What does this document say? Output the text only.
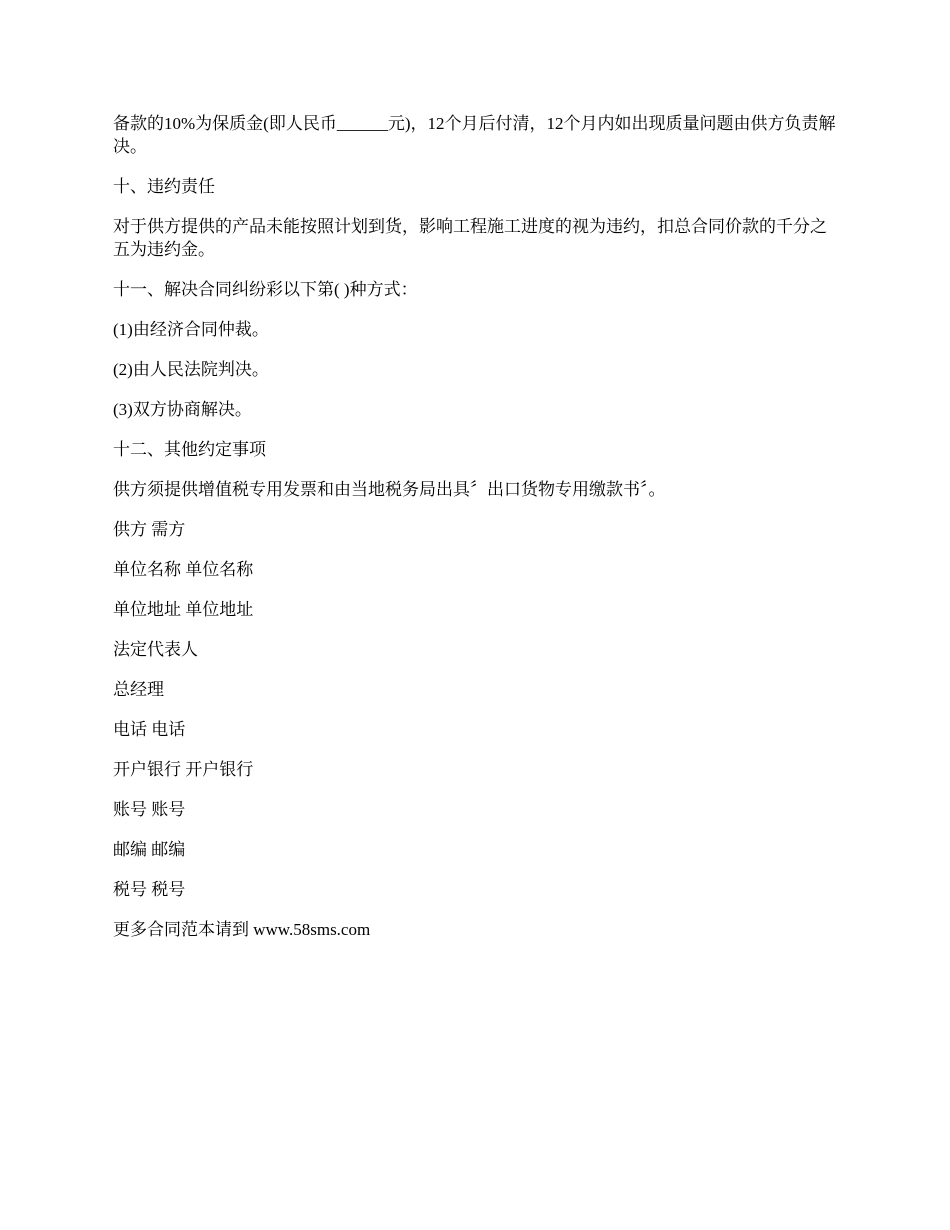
备款的10%为保质金(即人民币______元)，12个月后付清，12个月内如出现质量问题由供方负责解决。

十、违约责任

对于供方提供的产品未能按照计划到货，影响工程施工进度的视为违约，扣总合同价款的千分之五为违约金。

十一、解决合同纠纷彩以下第( )种方式：

(1)由经济合同仲裁。

(2)由人民法院判决。

(3)双方协商解决。

十二、其他约定事项

供方须提供增值税专用发票和由当地税务局出具〞出口货物专用缴款书〞。

供方 需方

单位名称 单位名称

单位地址 单位地址

法定代表人

总经理

电话 电话

开户银行 开户银行

账号 账号

邮编 邮编

税号 税号

更多合同范本请到 www.58sms.com
